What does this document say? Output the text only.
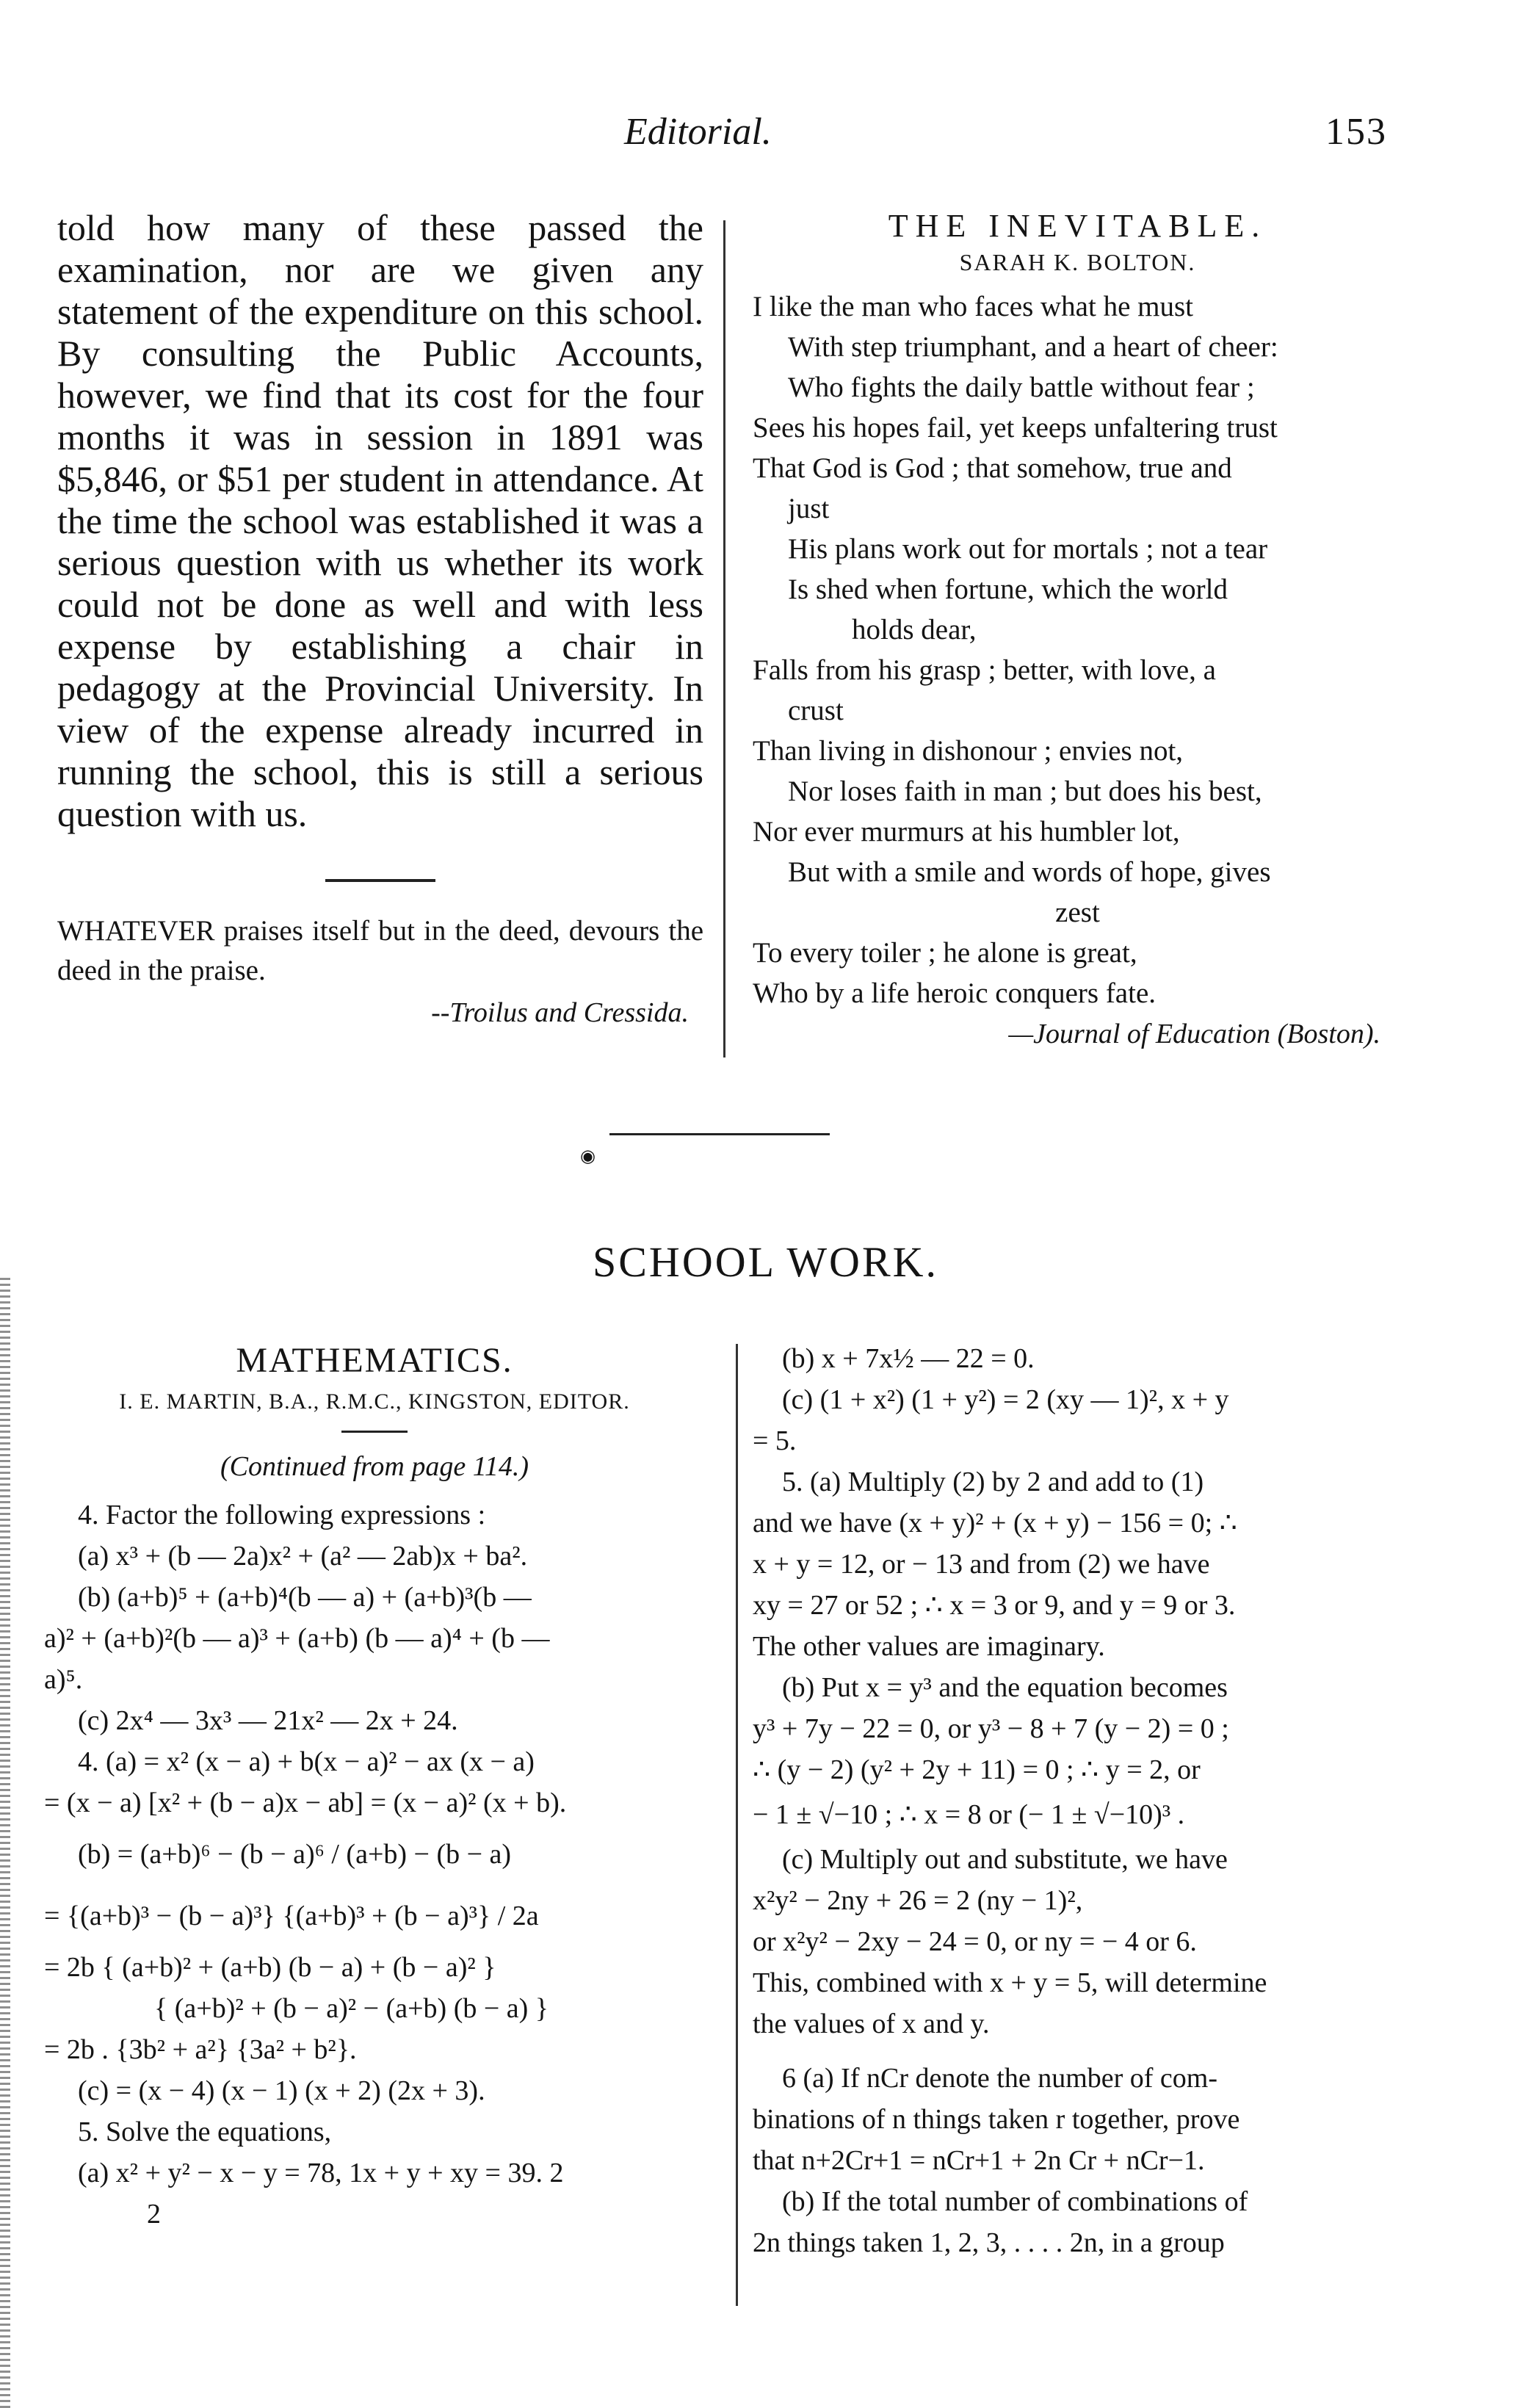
Editorial.	153

told how many of these passed the examination, nor are we given any statement of the expenditure on this school. By consulting the Public Accounts, however, we find that its cost for the four months it was in session in 1891 was $5,846, or $51 per student in attendance. At the time the school was established it was a serious question with us whether its work could not be done as well and with less expense by establishing a chair in pedagogy at the Provincial University. In view of the expense already incurred in running the school, this is still a serious question with us.

WHATEVER praises itself but in the deed, devours the deed in the praise.
--Troilus and Cressida.
THE INEVITABLE.
SARAH K. BOLTON.
I like the man who faces what he must
With step triumphant, and a heart of cheer:
Who fights the daily battle without fear ;
Sees his hopes fail, yet keeps unfaltering trust
That God is God ; that somehow, true and
just
His plans work out for mortals ; not a tear
Is shed when fortune, which the world
holds dear,
Falls from his grasp ; better, with love, a
crust
Than living in dishonour ; envies not,
Nor loses faith in man ; but does his best,
Nor ever murmurs at his humbler lot,
But with a smile and words of hope, gives
zest
To every toiler ; he alone is great,
Who by a life heroic conquers fate.
—Journal of Education (Boston).
◉
SCHOOL WORK.
MATHEMATICS.
I. E. MARTIN, B.A., R.M.C., KINGSTON, EDITOR.
(Continued from page 114.)
4. Factor the following expressions :
(a) x³ + (b — 2a)x² + (a² — 2ab)x + ba².
(b) (a+b)⁵ + (a+b)⁴(b — a) + (a+b)³(b —
a)² + (a+b)²(b — a)³ + (a+b) (b — a)⁴ + (b —
a)⁵.
(c) 2x⁴ — 3x³ — 21x² — 2x + 24.
4. (a) = x² (x − a) + b(x − a)² − ax (x − a)
= (x − a) [x² + (b − a)x − ab] = (x − a)² (x + b).
(b) = (a+b)⁶ − (b − a)⁶ / (a+b) − (b − a)
= {(a+b)³ − (b − a)³} {(a+b)³ + (b − a)³} / 2a
= 2b { (a+b)² + (a+b) (b − a) + (b − a)² }
{ (a+b)² + (b − a)² − (a+b) (b − a) }
= 2b . {3b² + a²} {3a² + b²}.
(c) = (x − 4) (x − 1) (x + 2) (2x + 3).
5. Solve the equations,
(a) x² + y² − x − y = 78, 1x + y + xy = 39. 2
2
(b) x + 7x½ — 22 = 0.
(c) (1 + x²) (1 + y²) = 2 (xy — 1)², x + y
= 5.
5. (a) Multiply (2) by 2 and add to (1)
and we have (x + y)² + (x + y) − 156 = 0; ∴
x + y = 12, or − 13 and from (2) we have
xy = 27 or 52 ; ∴ x = 3 or 9, and y = 9 or 3.
The other values are imaginary.
(b) Put x = y³ and the equation becomes
y³ + 7y − 22 = 0, or y³ − 8 + 7 (y − 2) = 0 ;
∴ (y − 2) (y² + 2y + 11) = 0 ; ∴ y = 2, or
− 1 ± √−10 ; ∴ x = 8 or (− 1 ± √−10)³ .
(c) Multiply out and substitute, we have
x²y² − 2ny + 26 = 2 (ny − 1)²,
or x²y² − 2xy − 24 = 0, or ny = − 4 or 6.
This, combined with x + y = 5, will determine
the values of x and y.
6 (a) If nCr denote the number of com-
binations of n things taken r together, prove
that n+2Cr+1 = nCr+1 + 2n Cr + nCr−1.
(b) If the total number of combinations of
2n things taken 1, 2, 3, . . . . 2n, in a group
